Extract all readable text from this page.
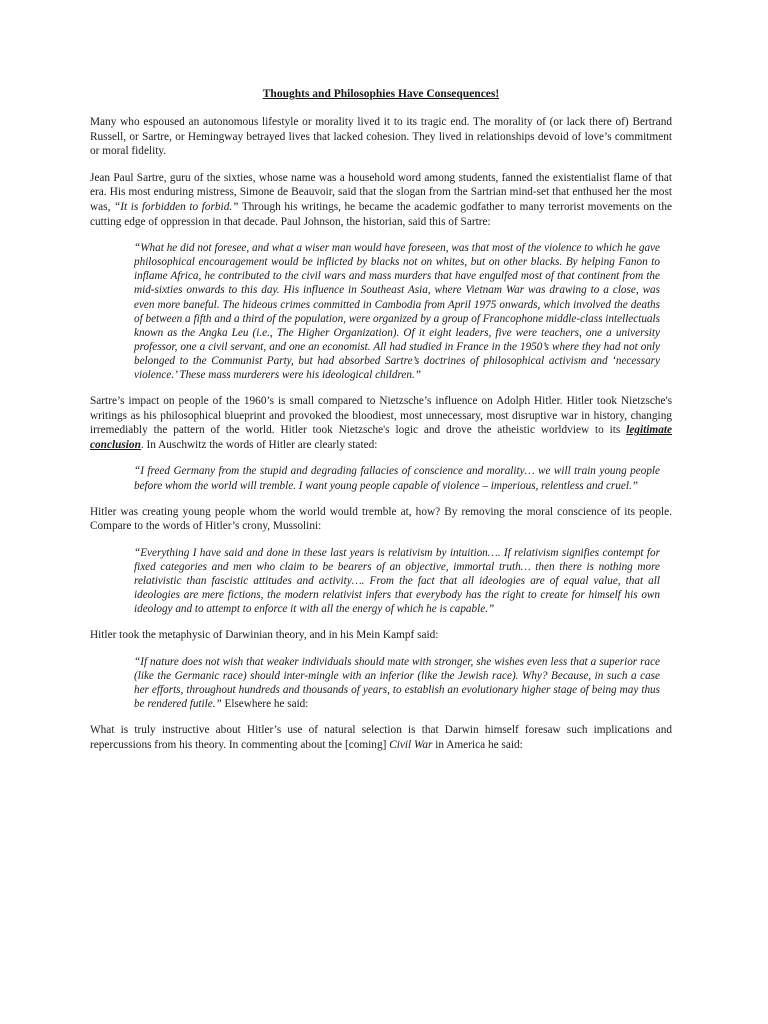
Thoughts and Philosophies Have Consequences!

Many who espoused an autonomous lifestyle or morality lived it to its tragic end. The morality of (or lack there of) Bertrand Russell, or Sartre, or Hemingway betrayed lives that lacked cohesion. They lived in relationships devoid of love’s commitment or moral fidelity.

Jean Paul Sartre, guru of the sixties, whose name was a household word among students, fanned the existentialist flame of that era. His most enduring mistress, Simone de Beauvoir, said that the slogan from the Sartrian mind-set that enthused her the most was, “It is forbidden to forbid.” Through his writings, he became the academic godfather to many terrorist movements on the cutting edge of oppression in that decade. Paul Johnson, the historian, said this of Sartre:

“What he did not foresee, and what a wiser man would have foreseen, was that most of the violence to which he gave philosophical encouragement would be inflicted by blacks not on whites, but on other blacks. By helping Fanon to inflame Africa, he contributed to the civil wars and mass murders that have engulfed most of that continent from the mid-sixties onwards to this day. His influence in Southeast Asia, where Vietnam War was drawing to a close, was even more baneful. The hideous crimes committed in Cambodia from April 1975 onwards, which involved the deaths of between a fifth and a third of the population, were organized by a group of Francophone middle-class intellectuals known as the Angka Leu (i.e., The Higher Organization). Of it eight leaders, five were teachers, one a university professor, one a civil servant, and one an economist. All had studied in France in the 1950’s where they had not only belonged to the Communist Party, but had absorbed Sartre’s doctrines of philosophical activism and ‘necessary violence.’ These mass murderers were his ideological children.”

Sartre’s impact on people of the 1960’s is small compared to Nietzsche’s influence on Adolph Hitler. Hitler took Nietzsche's writings as his philosophical blueprint and provoked the bloodiest, most unnecessary, most disruptive war in history, changing irremediably the pattern of the world. Hitler took Nietzsche's logic and drove the atheistic worldview to its legitimate conclusion. In Auschwitz the words of Hitler are clearly stated:

“I freed Germany from the stupid and degrading fallacies of conscience and morality… we will train young people before whom the world will tremble. I want young people capable of violence – imperious, relentless and cruel.”

Hitler was creating young people whom the world would tremble at, how? By removing the moral conscience of its people. Compare to the words of Hitler’s crony, Mussolini:

“Everything I have said and done in these last years is relativism by intuition…. If relativism signifies contempt for fixed categories and men who claim to be bearers of an objective, immortal truth… then there is nothing more relativistic than fascistic attitudes and activity…. From the fact that all ideologies are of equal value, that all ideologies are mere fictions, the modern relativist infers that everybody has the right to create for himself his own ideology and to attempt to enforce it with all the energy of which he is capable.”

Hitler took the metaphysic of Darwinian theory, and in his Mein Kampf said:

“If nature does not wish that weaker individuals should mate with stronger, she wishes even less that a superior race (like the Germanic race) should inter-mingle with an inferior (like the Jewish race). Why? Because, in such a case her efforts, throughout hundreds and thousands of years, to establish an evolutionary higher stage of being may thus be rendered futile.” Elsewhere he said:

What is truly instructive about Hitler’s use of natural selection is that Darwin himself foresaw such implications and repercussions from his theory. In commenting about the [coming] Civil War in America he said:
